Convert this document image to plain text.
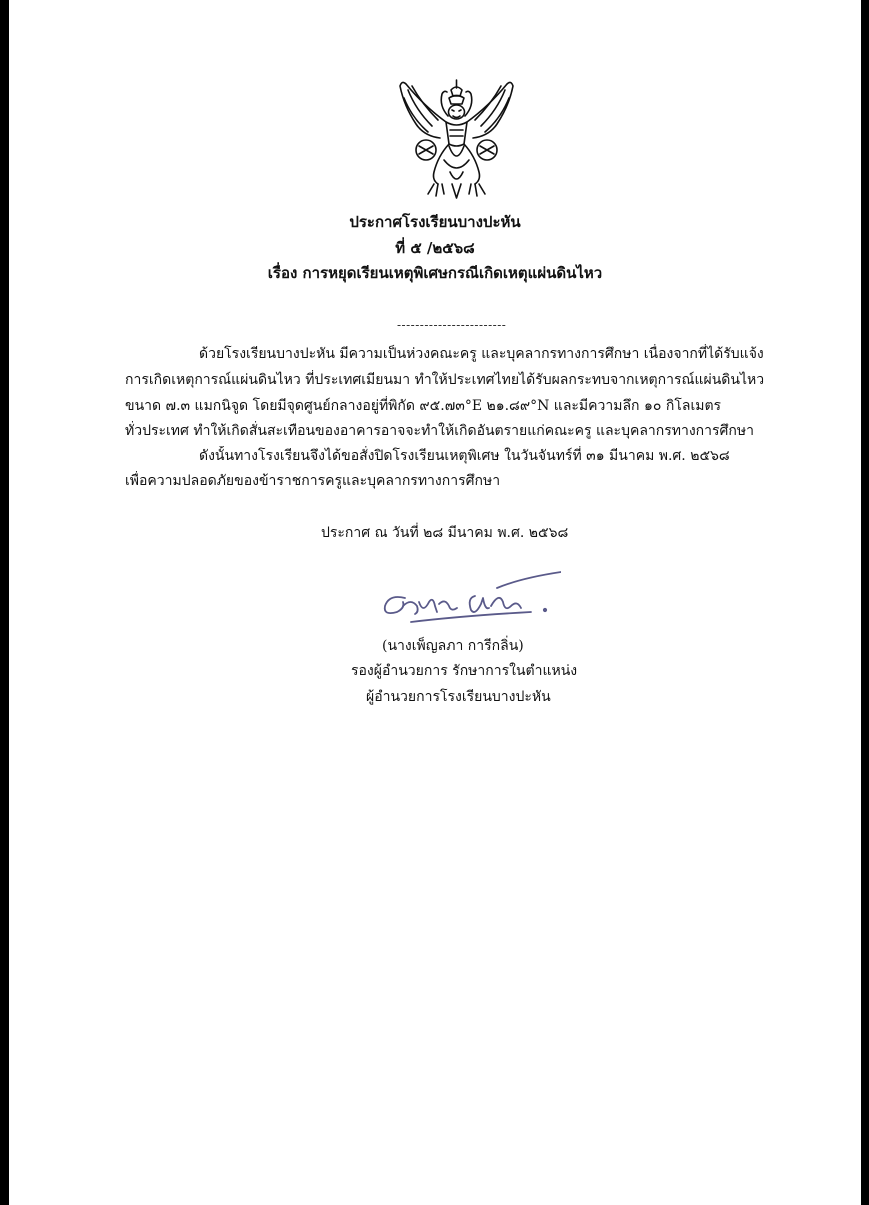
ประกาศโรงเรียนบางปะหัน
ที่ ๕ /๒๕๖๘
เรื่อง การหยุดเรียนเหตุพิเศษกรณีเกิดเหตุแผ่นดินไหว
------------------------
ด้วยโรงเรียนบางปะหัน มีความเป็นห่วงคณะครู และบุคลากรทางการศึกษา เนื่องจากที่ได้รับแจ้ง
การเกิดเหตุการณ์แผ่นดินไหว ที่ประเทศเมียนมา ทำให้ประเทศไทยได้รับผลกระทบจากเหตุการณ์แผ่นดินไหว
ขนาด ๗.๓ แมกนิจูด โดยมีจุดศูนย์กลางอยู่ที่พิกัด ๙๕.๗๓°E ๒๑.๘๙°N และมีความลึก ๑๐ กิโลเมตร
ทั่วประเทศ ทำให้เกิดสั่นสะเทือนของอาคารอาจจะทำให้เกิดอันตรายแก่คณะครู และบุคลากรทางการศึกษา
ดังนั้นทางโรงเรียนจึงได้ขอสั่งปิดโรงเรียนเหตุพิเศษ ในวันจันทร์ที่ ๓๑ มีนาคม พ.ศ. ๒๕๖๘
เพื่อความปลอดภัยของข้าราชการครูและบุคลากรทางการศึกษา
ประกาศ ณ วันที่ ๒๘ มีนาคม พ.ศ. ๒๕๖๘
(นางเพ็ญลภา การีกลิ่น)
รองผู้อำนวยการ รักษาการในตำแหน่ง
ผู้อำนวยการโรงเรียนบางปะหัน
